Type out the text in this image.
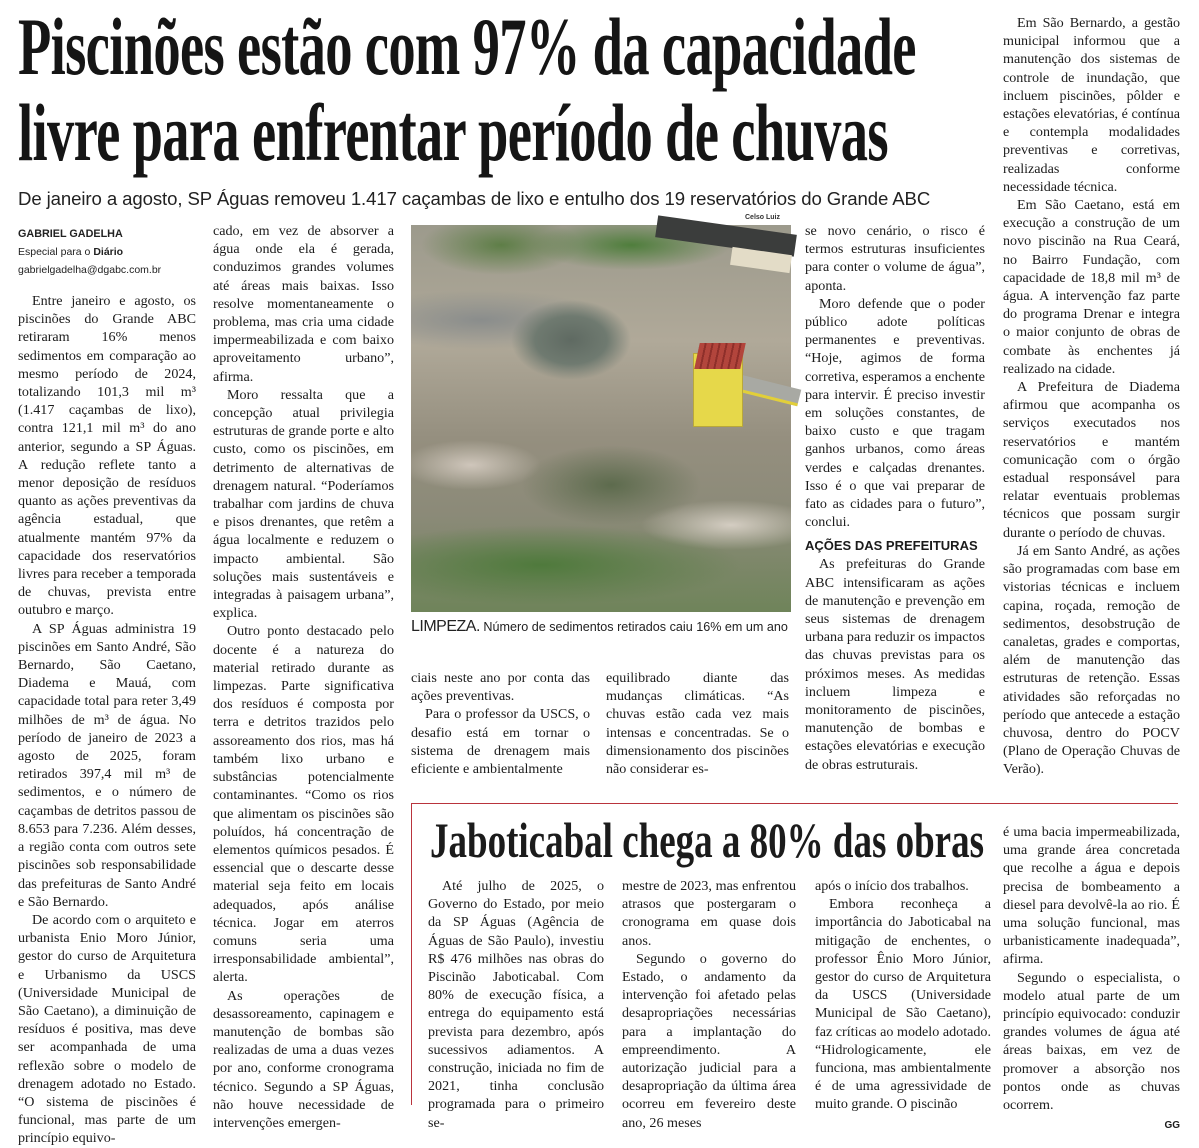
Piscinões estão com 97% da capacidade
livre para enfrentar período de chuvas
De janeiro a agosto, SP Águas removeu 1.417 caçambas de lixo e entulho dos 19 reservatórios do Grande ABC
GABRIEL GADELHA
Especial para o Diário
gabrielgadelha@dgabc.com.br

Entre janeiro e agosto, os piscinões do Grande ABC retiraram 16% menos sedimentos em comparação ao mesmo período de 2024, totalizando 101,3 mil m³ (1.417 caçambas de lixo), contra 121,1 mil m³ do ano anterior, segundo a SP Águas. A redução reflete tanto a menor deposição de resíduos quanto as ações preventivas da agência estadual, que atualmente mantém 97% da capacidade dos reservatórios livres para receber a temporada de chuvas, prevista entre outubro e março.

A SP Águas administra 19 piscinões em Santo André, São Bernardo, São Caetano, Diadema e Mauá, com capacidade total para reter 3,49 milhões de m³ de água. No período de janeiro de 2023 a agosto de 2025, foram retirados 397,4 mil m³ de sedimentos, e o número de caçambas de detritos passou de 8.653 para 7.236. Além desses, a região conta com outros sete piscinões sob responsabilidade das prefeituras de Santo André e São Bernardo.

De acordo com o arquiteto e urbanista Enio Moro Júnior, gestor do curso de Arquitetura e Urbanismo da USCS (Universidade Municipal de São Caetano), a diminuição de resíduos é positiva, mas deve ser acompanhada de uma reflexão sobre o modelo de drenagem adotado no Estado. “O sistema de piscinões é funcional, mas parte de um princípio equivo-

cado, em vez de absorver a água onde ela é gerada, conduzimos grandes volumes até áreas mais baixas. Isso resolve momentaneamente o problema, mas cria uma cidade impermeabilizada e com baixo aproveitamento urbano”, afirma.

Moro ressalta que a concepção atual privilegia estruturas de grande porte e alto custo, como os piscinões, em detrimento de alternativas de drenagem natural. “Poderíamos trabalhar com jardins de chuva e pisos drenantes, que retêm a água localmente e reduzem o impacto ambiental. São soluções mais sustentáveis e integradas à paisagem urbana”, explica.

Outro ponto destacado pelo docente é a natureza do material retirado durante as limpezas. Parte significativa dos resíduos é composta por terra e detritos trazidos pelo assoreamento dos rios, mas há também lixo urbano e substâncias potencialmente contaminantes. “Como os rios que alimentam os piscinões são poluídos, há concentração de elementos químicos pesados. É essencial que o descarte desse material seja feito em locais adequados, após análise técnica. Jogar em aterros comuns seria uma irresponsabilidade ambiental”, alerta.

As operações de desassoreamento, capinagem e manutenção de bombas são realizadas de uma a duas vezes por ano, conforme cronograma técnico. Segundo a SP Águas, não houve necessidade de intervenções emergen-

Celso Luiz
LIMPEZA. Número de sedimentos retirados caiu 16% em um ano

ciais neste ano por conta das ações preventivas.

Para o professor da USCS, o desafio está em tornar o sistema de drenagem mais eficiente e ambientalmente

equilibrado diante das mudanças climáticas. “As chuvas estão cada vez mais intensas e concentradas. Se o dimensionamento dos piscinões não considerar es-

se novo cenário, o risco é termos estruturas insuficientes para conter o volume de água”, aponta.

Moro defende que o poder público adote políticas permanentes e preventivas. “Hoje, agimos de forma corretiva, esperamos a enchente para intervir. É preciso investir em soluções constantes, de baixo custo e que tragam ganhos urbanos, como áreas verdes e calçadas drenantes. Isso é o que vai preparar de fato as cidades para o futuro”, conclui.

AÇÕES DAS PREFEITURAS

As prefeituras do Grande ABC intensificaram as ações de manutenção e prevenção em seus sistemas de drenagem urbana para reduzir os impactos das chuvas previstas para os próximos meses. As medidas incluem limpeza e monitoramento de piscinões, manutenção de bombas e estações elevatórias e execução de obras estruturais.

Em São Bernardo, a gestão municipal informou que a manutenção dos sistemas de controle de inundação, que incluem piscinões, pôlder e estações elevatórias, é contínua e contempla modalidades preventivas e corretivas, realizadas conforme necessidade técnica.

Em São Caetano, está em execução a construção de um novo piscinão na Rua Ceará, no Bairro Fundação, com capacidade de 18,8 mil m³ de água. A intervenção faz parte do programa Drenar e integra o maior conjunto de obras de combate às enchentes já realizado na cidade.

A Prefeitura de Diadema afirmou que acompanha os serviços executados nos reservatórios e mantém comunicação com o órgão estadual responsável para relatar eventuais problemas técnicos que possam surgir durante o período de chuvas.

Já em Santo André, as ações são programadas com base em vistorias técnicas e incluem capina, roçada, remoção de sedimentos, desobstrução de canaletas, grades e comportas, além de manutenção das estruturas de retenção. Essas atividades são reforçadas no período que antecede a estação chuvosa, dentro do POCV (Plano de Operação Chuvas de Verão).

Jaboticabal chega a 80% das obras

Até julho de 2025, o Governo do Estado, por meio da SP Águas (Agência de Águas de São Paulo), investiu R$ 476 milhões nas obras do Piscinão Jaboticabal. Com 80% de execução física, a entrega do equipamento está prevista para dezembro, após sucessivos adiamentos. A construção, iniciada no fim de 2021, tinha conclusão programada para o primeiro se-

mestre de 2023, mas enfrentou atrasos que postergaram o cronograma em quase dois anos.

Segundo o governo do Estado, o andamento da intervenção foi afetado pelas desapropriações necessárias para a implantação do empreendimento. A autorização judicial para a desapropriação da última área ocorreu em fevereiro deste ano, 26 meses

após o início dos trabalhos.

Embora reconheça a importância do Jaboticabal na mitigação de enchentes, o professor Ênio Moro Júnior, gestor do curso de Arquitetura da USCS (Universidade Municipal de São Caetano), faz críticas ao modelo adotado. “Hidrologicamente, ele funciona, mas ambientalmente é de uma agressividade de muito grande. O piscinão

é uma bacia impermeabilizada, uma grande área concretada que recolhe a água e depois precisa de bombeamento a diesel para devolvê-la ao rio. É uma solução funcional, mas urbanisticamente inadequada”, afirma.

Segundo o especialista, o modelo atual parte de um princípio equivocado: conduzir grandes volumes de água até áreas baixas, em vez de promover a absorção nos pontos onde as chuvas ocorrem.

GG
